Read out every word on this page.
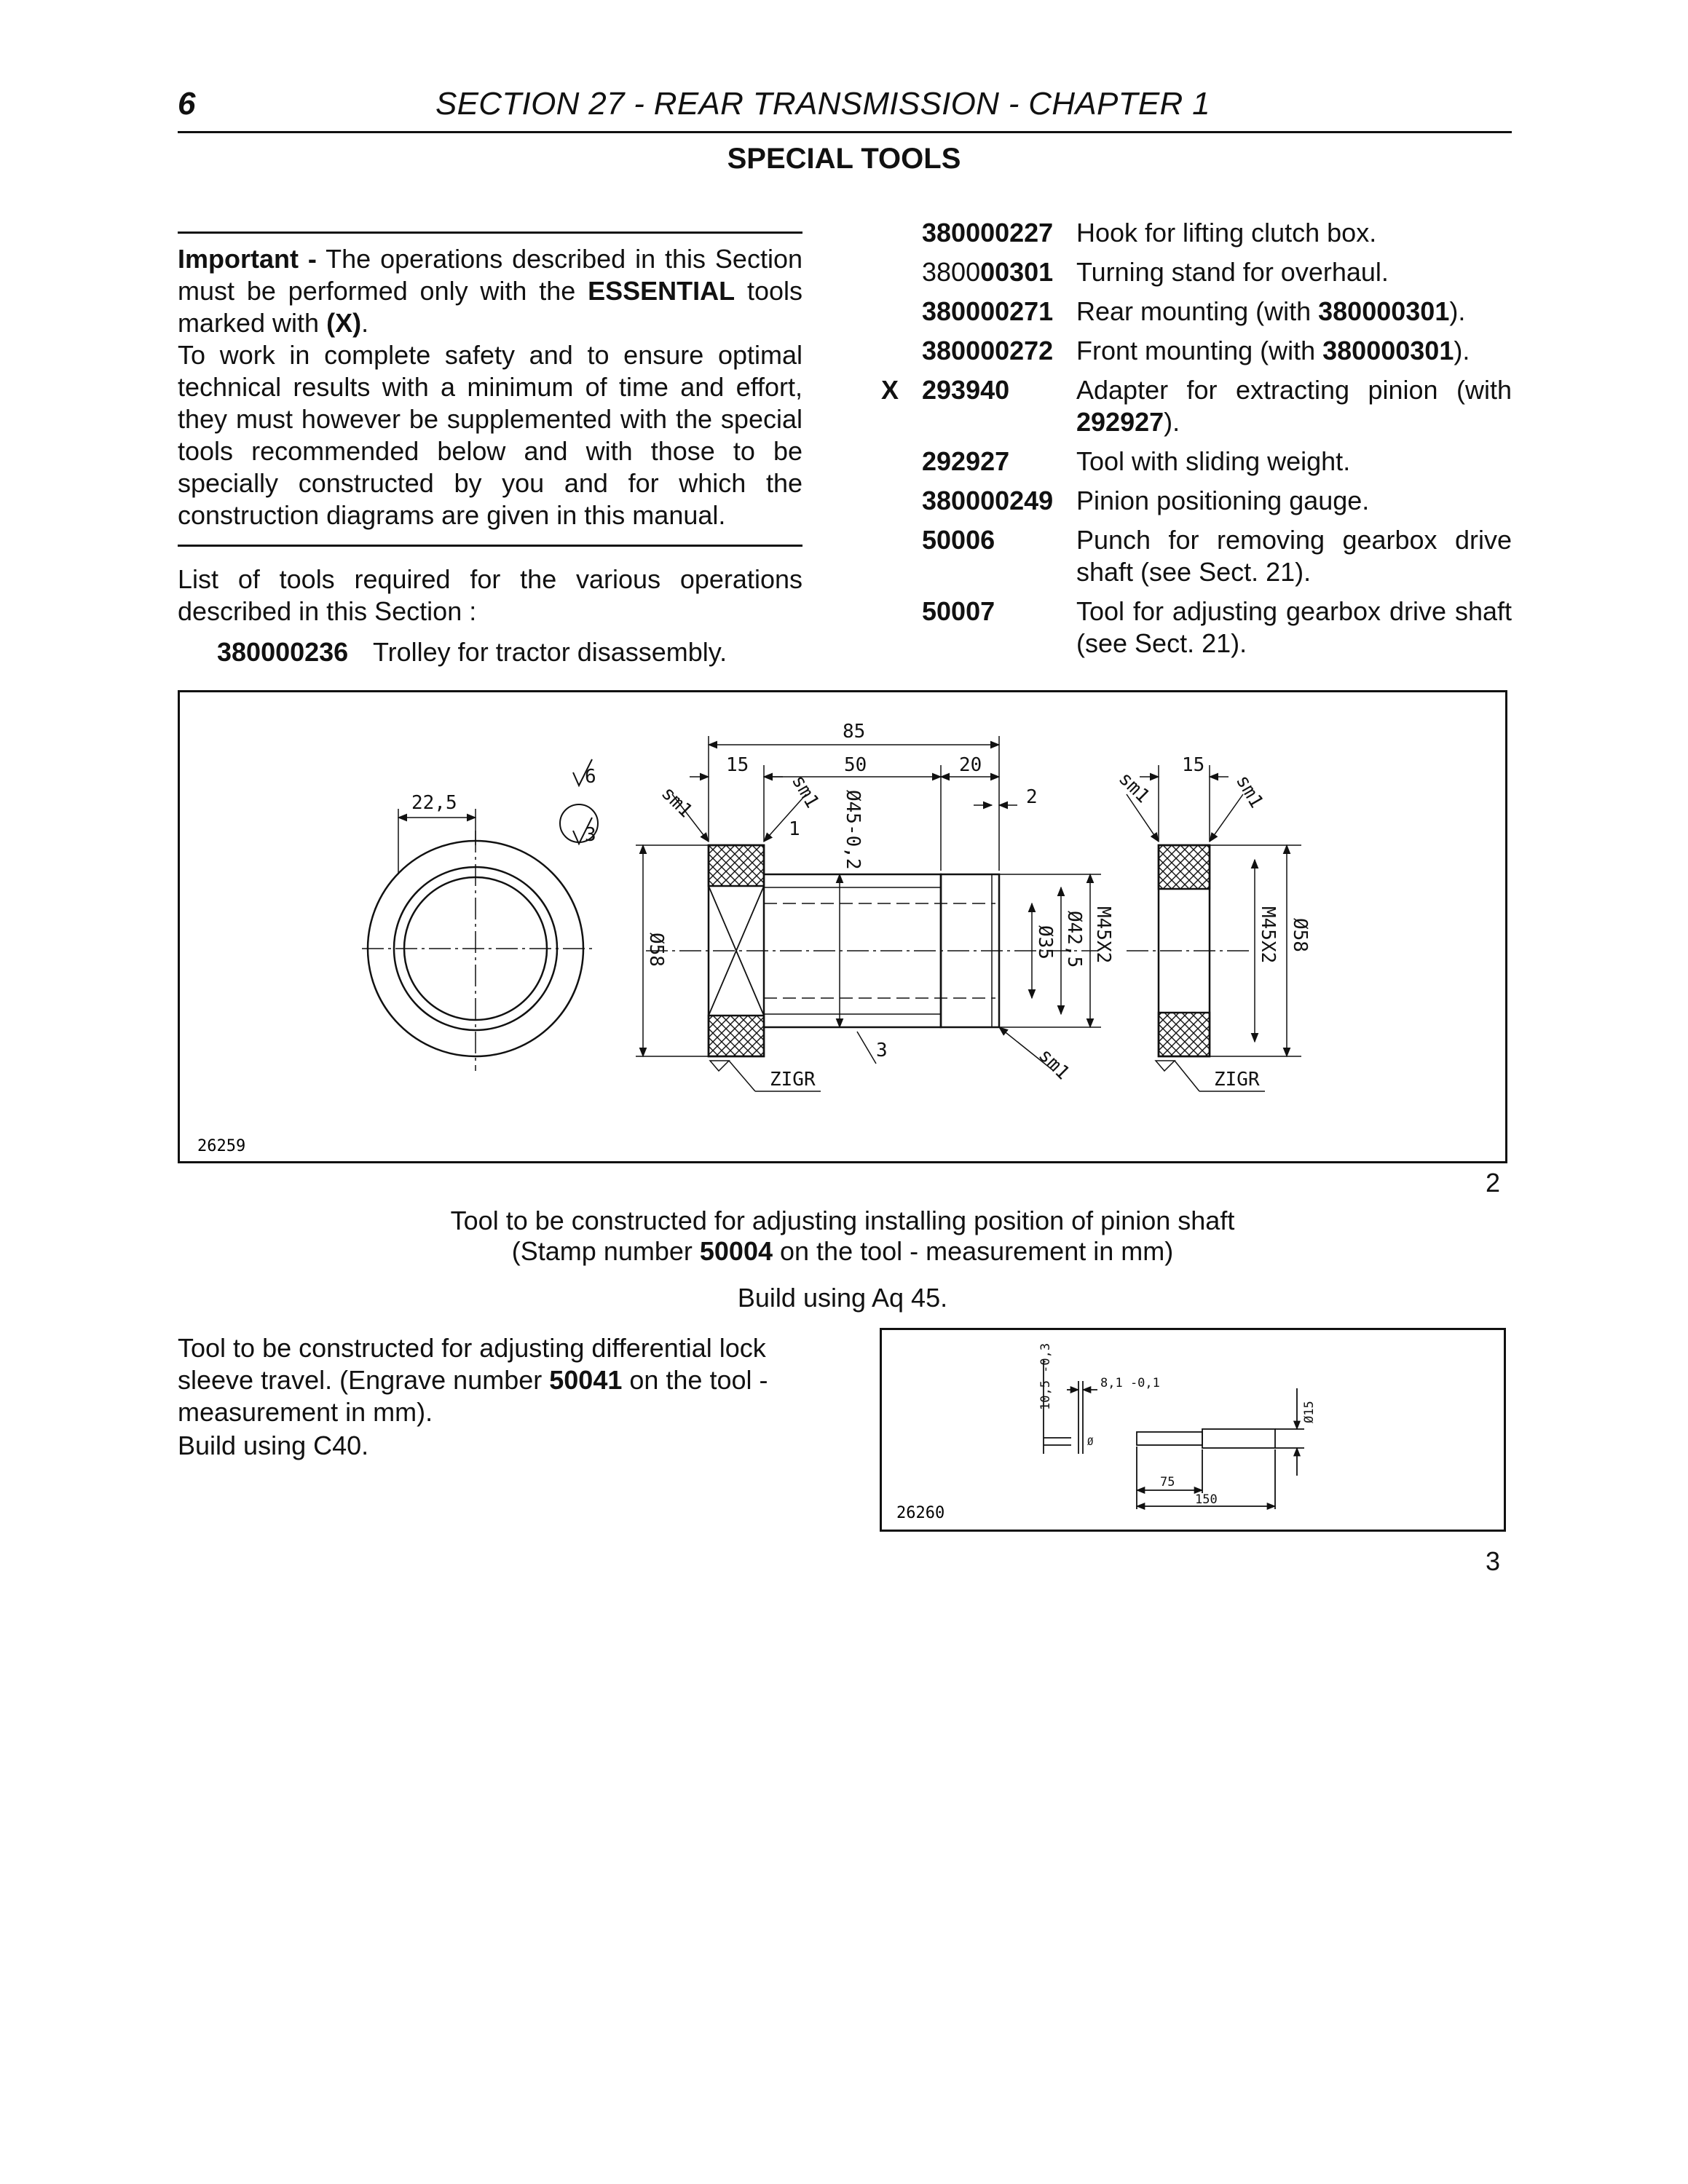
6	SECTION 27 - REAR TRANSMISSION - CHAPTER 1
SPECIAL TOOLS
Important - The operations described in this Section must be performed only with the ESSENTIAL tools marked with (X).
To work in complete safety and to ensure optimal technical results with a minimum of time and effort, they must however be supplemented with the special tools recommended below and with those to be specially constructed by you and for which the construction diagrams are given in this manual.
List of tools required for the various operations described in this Section :
380000236 Trolley for tractor disassembly.
380000227 Hook for lifting clutch box.
380000301 Turning stand for overhaul.
380000271 Rear mounting (with 380000301).
380000272 Front mounting (with 380000301).
X 293940	Adapter for extracting pinion (with 292927).
292927	Tool with sliding weight.
380000249 Pinion positioning gauge.
50006	Punch for removing gearbox drive shaft (see Sect. 21).
50007	Tool for adjusting gearbox drive shaft (see Sect. 21).
22,5
85
15	50	20
2
3
ZIGR	ZIGR
15
6
3	1
sm1	sm1
sm1
sm1	sm1
Ø58
Ø45-0,2
Ø35 Ø42,5 M45X2	M45X2 Ø58
26259
2
Tool to be constructed for adjusting installing position of pinion shaft
(Stamp number 50004 on the tool - measurement in mm)
Build using Aq 45.
Tool to be constructed for adjusting differential lock sleeve travel. (Engrave number 50041 on the tool - measurement in mm).
Build using C40.
10,5 -0,3	8,1 -0,1
Ø15
75
150
Ø
26260
3
